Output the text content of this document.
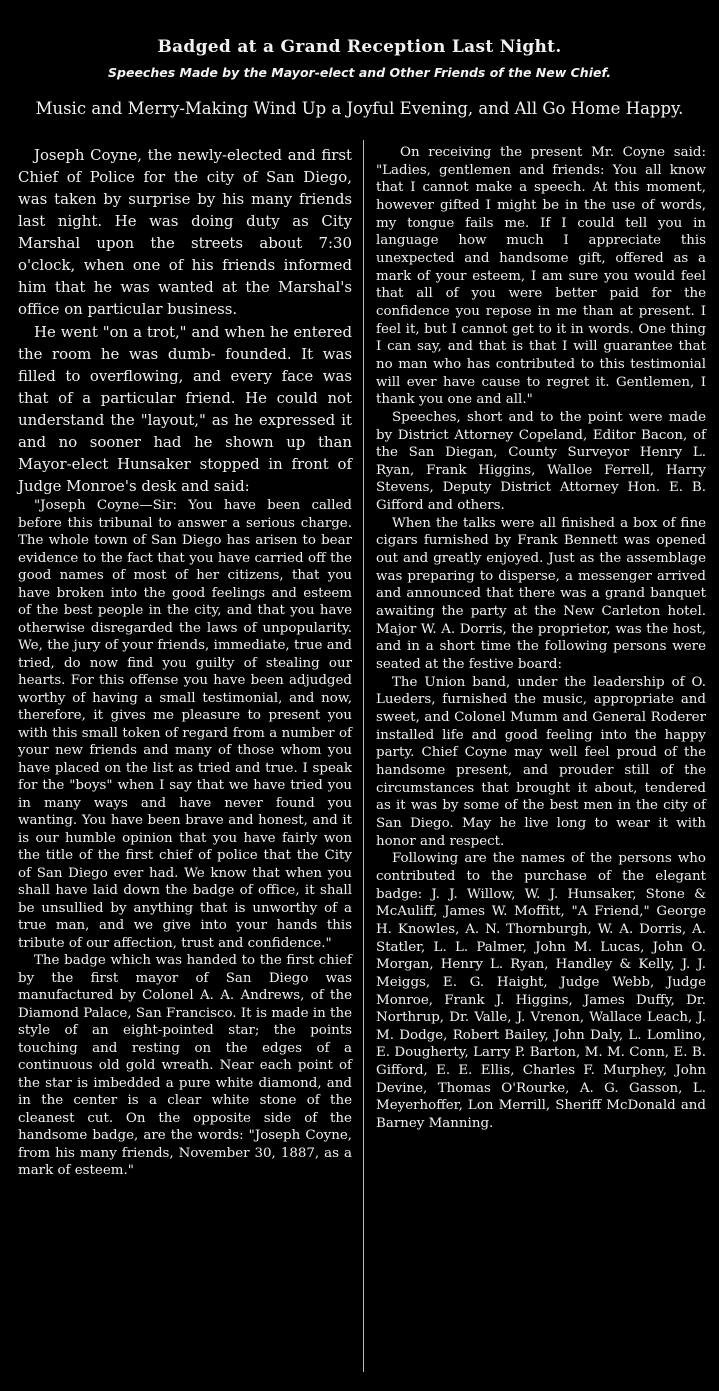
Badged at a Grand Reception Last Night.
Speeches Made by the Mayor-elect and Other Friends of the New Chief.
Music and Merry-Making Wind Up a Joyful Evening, and All Go Home Happy.

Joseph Coyne, the newly-elected and first Chief of Police for the city of San Diego, was taken by surprise by his many friends last night. He was doing duty as City Marshal upon the streets about 7:30 o'clock, when one of his friends informed him that he was wanted at the Marshal's office on particular business.

He went "on a trot," and when he entered the room he was dumb- founded. It was filled to overflowing, and every face was that of a particular friend. He could not understand the "layout," as he expressed it and no sooner had he shown up than Mayor-elect Hunsaker stopped in front of Judge Monroe's desk and said:

"Joseph Coyne—Sir: You have been called before this tribunal to answer a serious charge. The whole town of San Diego has arisen to bear evidence to the fact that you have carried off the good names of most of her citizens, that you have broken into the good feelings and esteem of the best people in the city, and that you have otherwise disregarded the laws of unpopularity. We, the jury of your friends, immediate, true and tried, do now find you guilty of stealing our hearts. For this offense you have been adjudged worthy of having a small testimonial, and now, therefore, it gives me pleasure to present you with this small token of regard from a number of your new friends and many of those whom you have placed on the list as tried and true. I speak for the "boys" when I say that we have tried you in many ways and have never found you wanting. You have been brave and honest, and it is our humble opinion that you have fairly won the title of the first chief of police that the City of San Diego ever had. We know that when you shall have laid down the badge of office, it shall be unsullied by anything that is unworthy of a true man, and we give into your hands this tribute of our affection, trust and confidence."

The badge which was handed to the first chief by the first mayor of San Diego was manufactured by Colonel A. A. Andrews, of the Diamond Palace, San Francisco. It is made in the style of an eight-pointed star; the points touching and resting on the edges of a continuous old gold wreath. Near each point of the star is imbedded a pure white diamond, and in the center is a clear white stone of the cleanest cut. On the opposite side of the handsome badge, are the words: "Joseph Coyne, from his many friends, November 30, 1887, as a mark of esteem."

On receiving the present Mr. Coyne said: "Ladies, gentlemen and friends: You all know that I cannot make a speech. At this moment, however gifted I might be in the use of words, my tongue fails me. If I could tell you in language how much I appreciate this unexpected and handsome gift, offered as a mark of your esteem, I am sure you would feel that all of you were better paid for the confidence you repose in me than at present. I feel it, but I cannot get to it in words. One thing I can say, and that is that I will guarantee that no man who has contributed to this testimonial will ever have cause to regret it. Gentlemen, I thank you one and all."

Speeches, short and to the point were made by District Attorney Copeland, Editor Bacon, of the San Diegan, County Surveyor Henry L. Ryan, Frank Higgins, Walloe Ferrell, Harry Stevens, Deputy District Attorney Hon. E. B. Gifford and others.

When the talks were all finished a box of fine cigars furnished by Frank Bennett was opened out and greatly enjoyed. Just as the assemblage was preparing to disperse, a messenger arrived and announced that there was a grand banquet awaiting the party at the New Carleton hotel. Major W. A. Dorris, the proprietor, was the host, and in a short time the following persons were seated at the festive board:

The Union band, under the leadership of O. Lueders, furnished the music, appropriate and sweet, and Colonel Mumm and General Roderer installed life and good feeling into the happy party. Chief Coyne may well feel proud of the handsome present, and prouder still of the circumstances that brought it about, tendered as it was by some of the best men in the city of San Diego. May he live long to wear it with honor and respect.

Following are the names of the persons who contributed to the purchase of the elegant badge: J. J. Willow, W. J. Hunsaker, Stone & McAuliff, James W. Moffitt, "A Friend," George H. Knowles, A. N. Thornburgh, W. A. Dorris, A. Statler, L. L. Palmer, John M. Lucas, John O. Morgan, Henry L. Ryan, Handley & Kelly, J. J. Meiggs, E. G. Haight, Judge Webb, Judge Monroe, Frank J. Higgins, James Duffy, Dr. Northrup, Dr. Valle, J. Vrenon, Wallace Leach, J. M. Dodge, Robert Bailey, John Daly, L. Lomlino, E. Dougherty, Larry P. Barton, M. M. Conn, E. B. Gifford, E. E. Ellis, Charles F. Murphey, John Devine, Thomas O'Rourke, A. G. Gasson, L. Meyerhoffer, Lon Merrill, Sheriff McDonald and Barney Manning.
